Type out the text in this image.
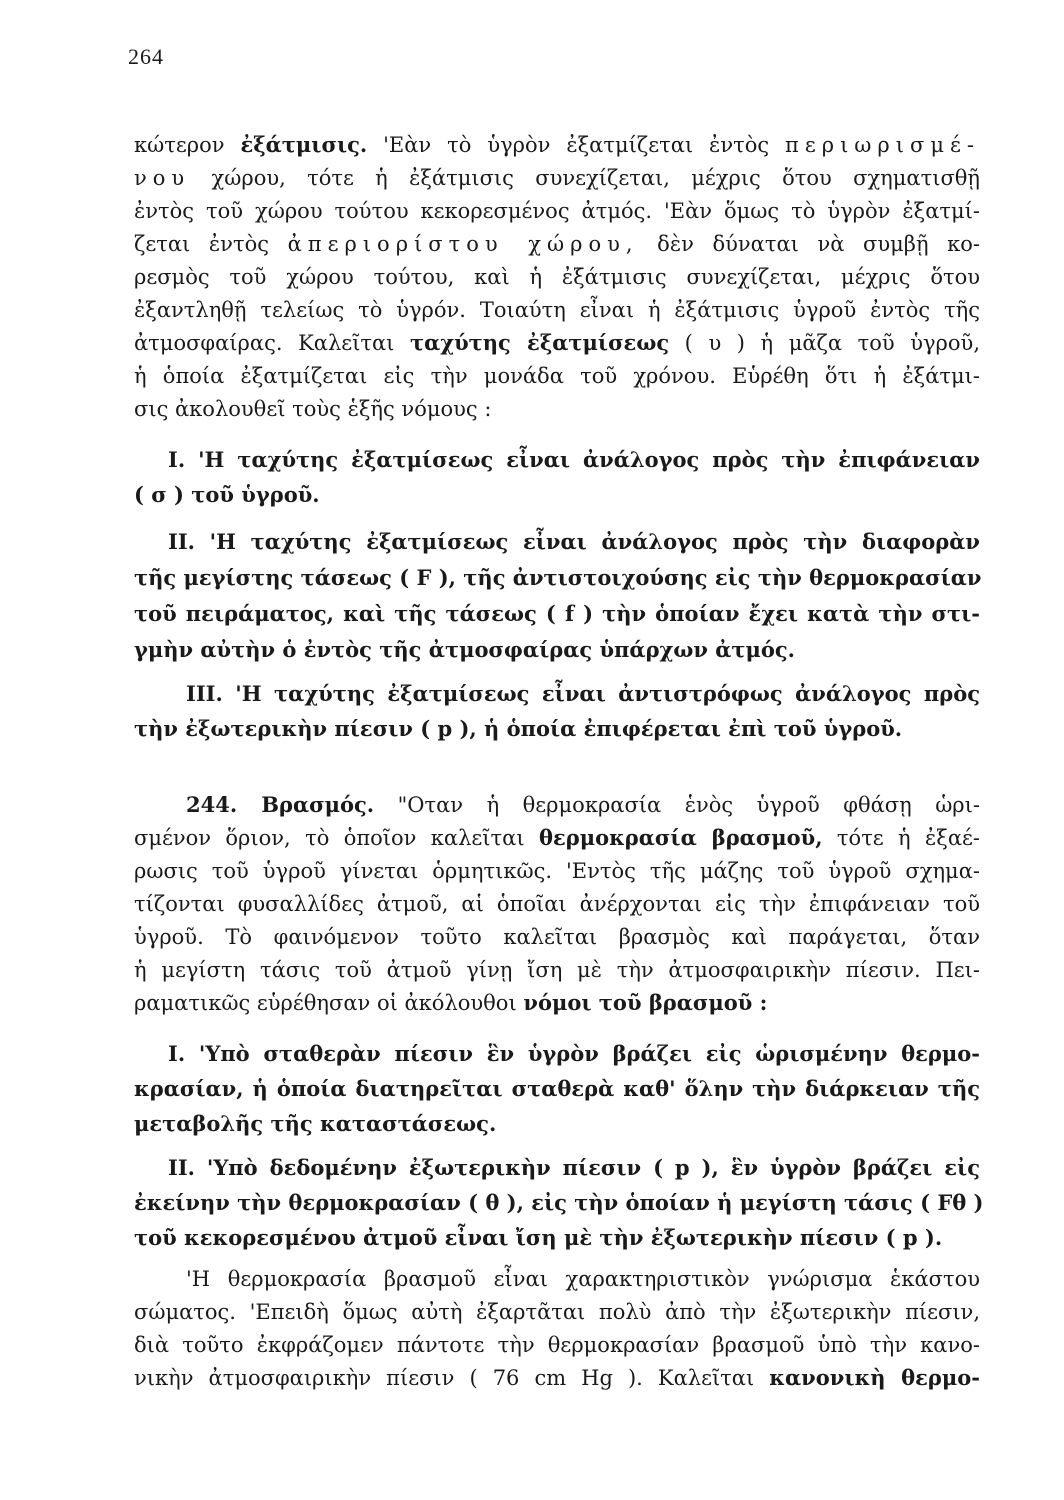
264
κώτερον ἐξάτμισις. 'Εὰν τὸ ὑγρὸν ἐξατμίζεται ἐντὸς περιωρισμέ-
νου χώρου, τότε ἡ ἐξάτμισις συνεχίζεται, μέχρις ὅτου σχηματισθῇ
ἐντὸς τοῦ χώρου τούτου κεκορεσμένος ἀτμός. 'Εὰν ὅμως τὸ ὑγρὸν ἐξατμί-
ζεται ἐντὸς ἀπεριορίστου χώρου, δὲν δύναται νὰ συμβῇ κο-
ρεσμὸς τοῦ χώρου τούτου, καὶ ἡ ἐξάτμισις συνεχίζεται, μέχρις ὅτου
ἐξαντληθῇ τελείως τὸ ὑγρόν. Τοιαύτη εἶναι ἡ ἐξάτμισις ὑγροῦ ἐντὸς τῆς
ἀτμοσφαίρας. Καλεῖται ταχύτης ἐξατμίσεως ( υ ) ἡ μᾶζα τοῦ ὑγροῦ,
ἡ ὁποία ἐξατμίζεται εἰς τὴν μονάδα τοῦ χρόνου. Εὑρέθη ὅτι ἡ ἐξάτμι-
σις ἀκολουθεῖ τοὺς ἑξῆς νόμους :
I. 'Η ταχύτης ἐξατμίσεως εἶναι ἀνάλογος πρὸς τὴν ἐπιφάνειαν
( σ ) τοῦ ὑγροῦ.
II. 'Η ταχύτης ἐξατμίσεως εἶναι ἀνάλογος πρὸς τὴν διαφορὰν
τῆς μεγίστης τάσεως ( F ), τῆς ἀντιστοιχούσης εἰς τὴν θερμοκρασίαν
τοῦ πειράματος, καὶ τῆς τάσεως ( f ) τὴν ὁποίαν ἔχει κατὰ τὴν στι-
γμὴν αὐτὴν ὁ ἐντὸς τῆς ἀτμοσφαίρας ὑπάρχων ἀτμός.
III. 'Η ταχύτης ἐξατμίσεως εἶναι ἀντιστρόφως ἀνάλογος πρὸς
τὴν ἐξωτερικὴν πίεσιν ( p ), ἡ ὁποία ἐπιφέρεται ἐπὶ τοῦ ὑγροῦ.
244. Βρασμός. "Οταν ἡ θερμοκρασία ἑνὸς ὑγροῦ φθάσῃ ὡρι-
σμένον ὅριον, τὸ ὁποῖον καλεῖται θερμοκρασία βρασμοῦ, τότε ἡ ἐξαέ-
ρωσις τοῦ ὑγροῦ γίνεται ὁρμητικῶς. 'Εντὸς τῆς μάζης τοῦ ὑγροῦ σχημα-
τίζονται φυσαλλίδες ἀτμοῦ, αἱ ὁποῖαι ἀνέρχονται εἰς τὴν ἐπιφάνειαν τοῦ
ὑγροῦ. Τὸ φαινόμενον τοῦτο καλεῖται βρασμὸς καὶ παράγεται, ὅταν
ἡ μεγίστη τάσις τοῦ ἀτμοῦ γίνῃ ἴση μὲ τὴν ἀτμοσφαιρικὴν πίεσιν. Πει-
ραματικῶς εὑρέθησαν οἱ ἀκόλουθοι νόμοι τοῦ βρασμοῦ :
I. 'Υπὸ σταθερὰν πίεσιν ἓν ὑγρὸν βράζει εἰς ὡρισμένην θερμο-
κρασίαν, ἡ ὁποία διατηρεῖται σταθερὰ καθ' ὅλην τὴν διάρκειαν τῆς
μεταβολῆς τῆς καταστάσεως.
II. 'Υπὸ δεδομένην ἐξωτερικὴν πίεσιν ( p ), ἓν ὑγρὸν βράζει εἰς
ἐκείνην τὴν θερμοκρασίαν ( θ ), εἰς τὴν ὁποίαν ἡ μεγίστη τάσις ( Fθ )
τοῦ κεκορεσμένου ἀτμοῦ εἶναι ἴση μὲ τὴν ἐξωτερικὴν πίεσιν ( p ).
'Η θερμοκρασία βρασμοῦ εἶναι χαρακτηριστικὸν γνώρισμα ἑκάστου
σώματος. 'Επειδὴ ὅμως αὐτὴ ἐξαρτᾶται πολὺ ἀπὸ τὴν ἐξωτερικὴν πίεσιν,
διὰ τοῦτο ἐκφράζομεν πάντοτε τὴν θερμοκρασίαν βρασμοῦ ὑπὸ τὴν κανο-
νικὴν ἀτμοσφαιρικὴν πίεσιν ( 76 cm Hg ). Καλεῖται κανονικὴ θερμο-
